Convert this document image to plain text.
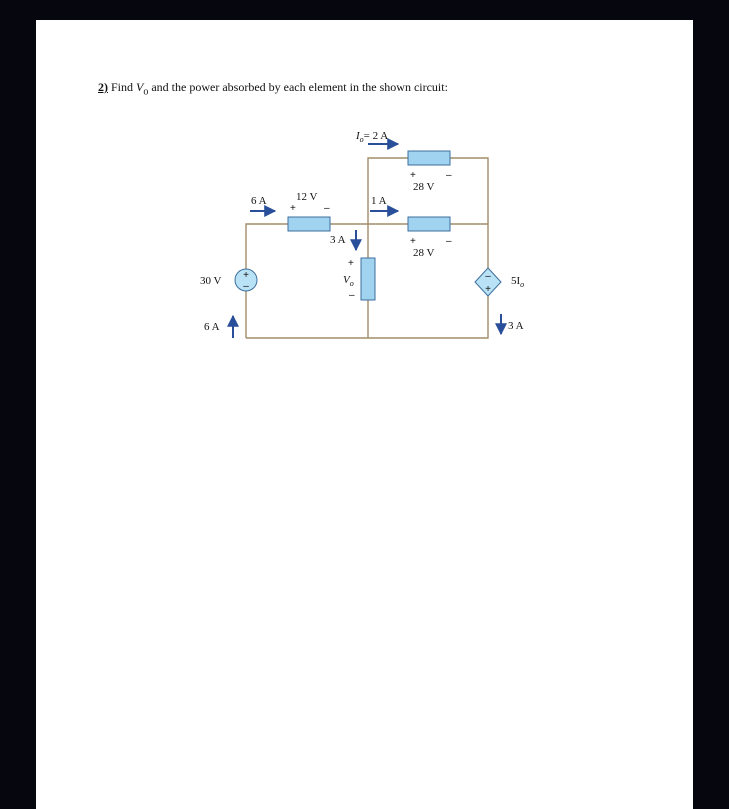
2) Find $V_o$ and the power absorbed by each element in the shown circuit:

+
–
–
+
$I_o= 2$ A
+	–
28 V
6 A	12 V
+	–
1 A
+	–
28 V
3 A
+
$V_o$
–
30 V
6 A
$5I_o$
3 A
